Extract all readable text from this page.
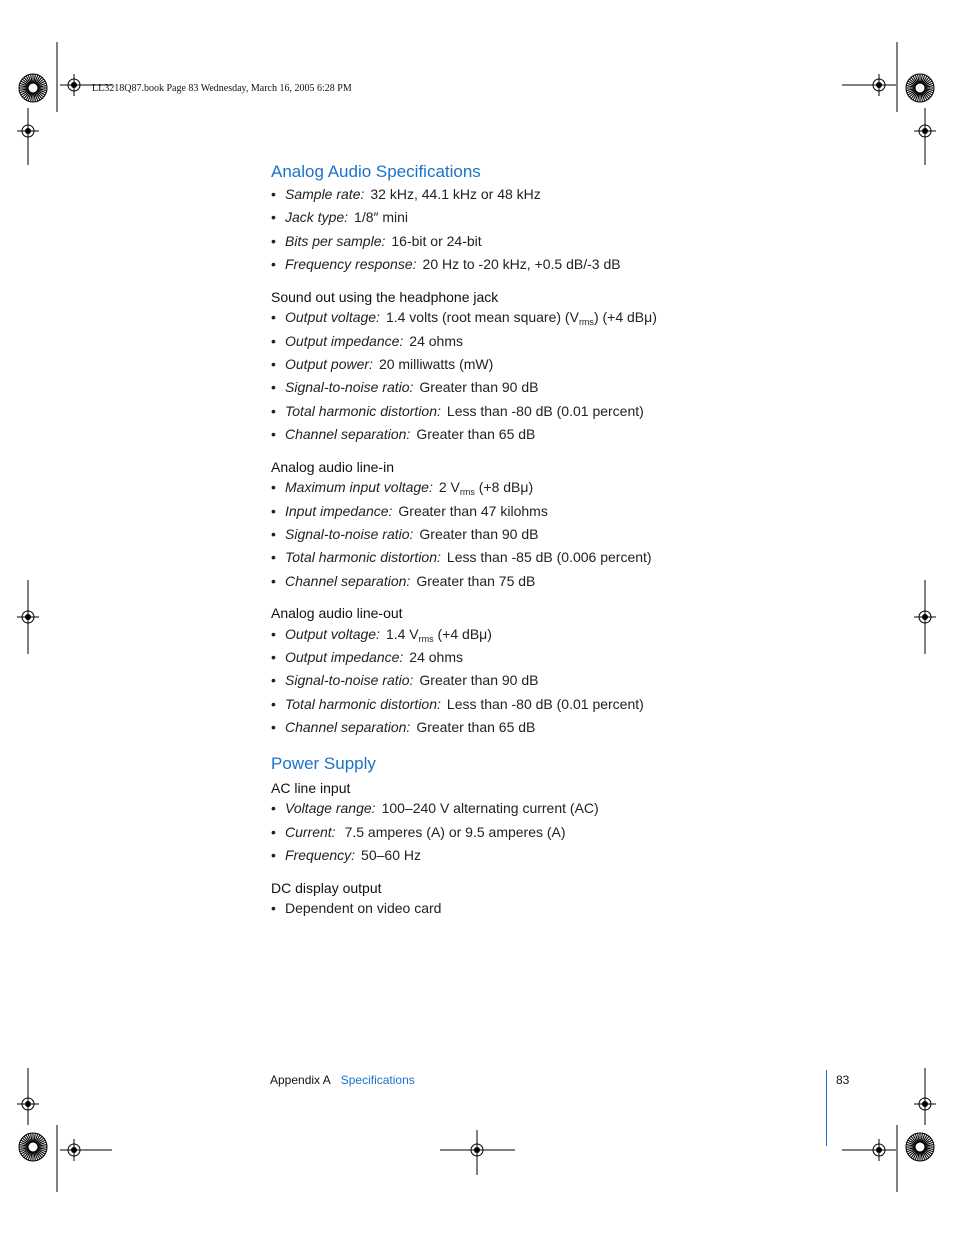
LL3218Q87.book Page 83 Wednesday, March 16, 2005 6:28 PM
Analog Audio Specifications
• Sample rate: 32 kHz, 44.1 kHz or 48 kHz
• Jack type: 1/8″ mini
• Bits per sample: 16-bit or 24-bit
• Frequency response: 20 Hz to -20 kHz, +0.5 dB/-3 dB
Sound out using the headphone jack
• Output voltage: 1.4 volts (root mean square) $(V_{rms})$ (+4 dBμ)
• Output impedance: 24 ohms
• Output power: 20 milliwatts (mW)
• Signal-to-noise ratio: Greater than 90 dB
• Total harmonic distortion: Less than -80 dB (0.01 percent)
• Channel separation: Greater than 65 dB
Analog audio line-in
• Maximum input voltage: 2 $V_{rms}$ (+8 dBμ)
• Input impedance: Greater than 47 kilohms
• Signal-to-noise ratio: Greater than 90 dB
• Total harmonic distortion: Less than -85 dB (0.006 percent)
• Channel separation: Greater than 75 dB
Analog audio line-out
• Output voltage: 1.4 $V_{rms}$ (+4 dBμ)
• Output impedance: 24 ohms
• Signal-to-noise ratio: Greater than 90 dB
• Total harmonic distortion: Less than -80 dB (0.01 percent)
• Channel separation: Greater than 65 dB
Power Supply
AC line input
• Voltage range: 100–240 V alternating current (AC)
• Current: 7.5 amperes (A) or 9.5 amperes (A)
• Frequency: 50–60 Hz
DC display output
• Dependent on video card
Appendix A Specifications	83
